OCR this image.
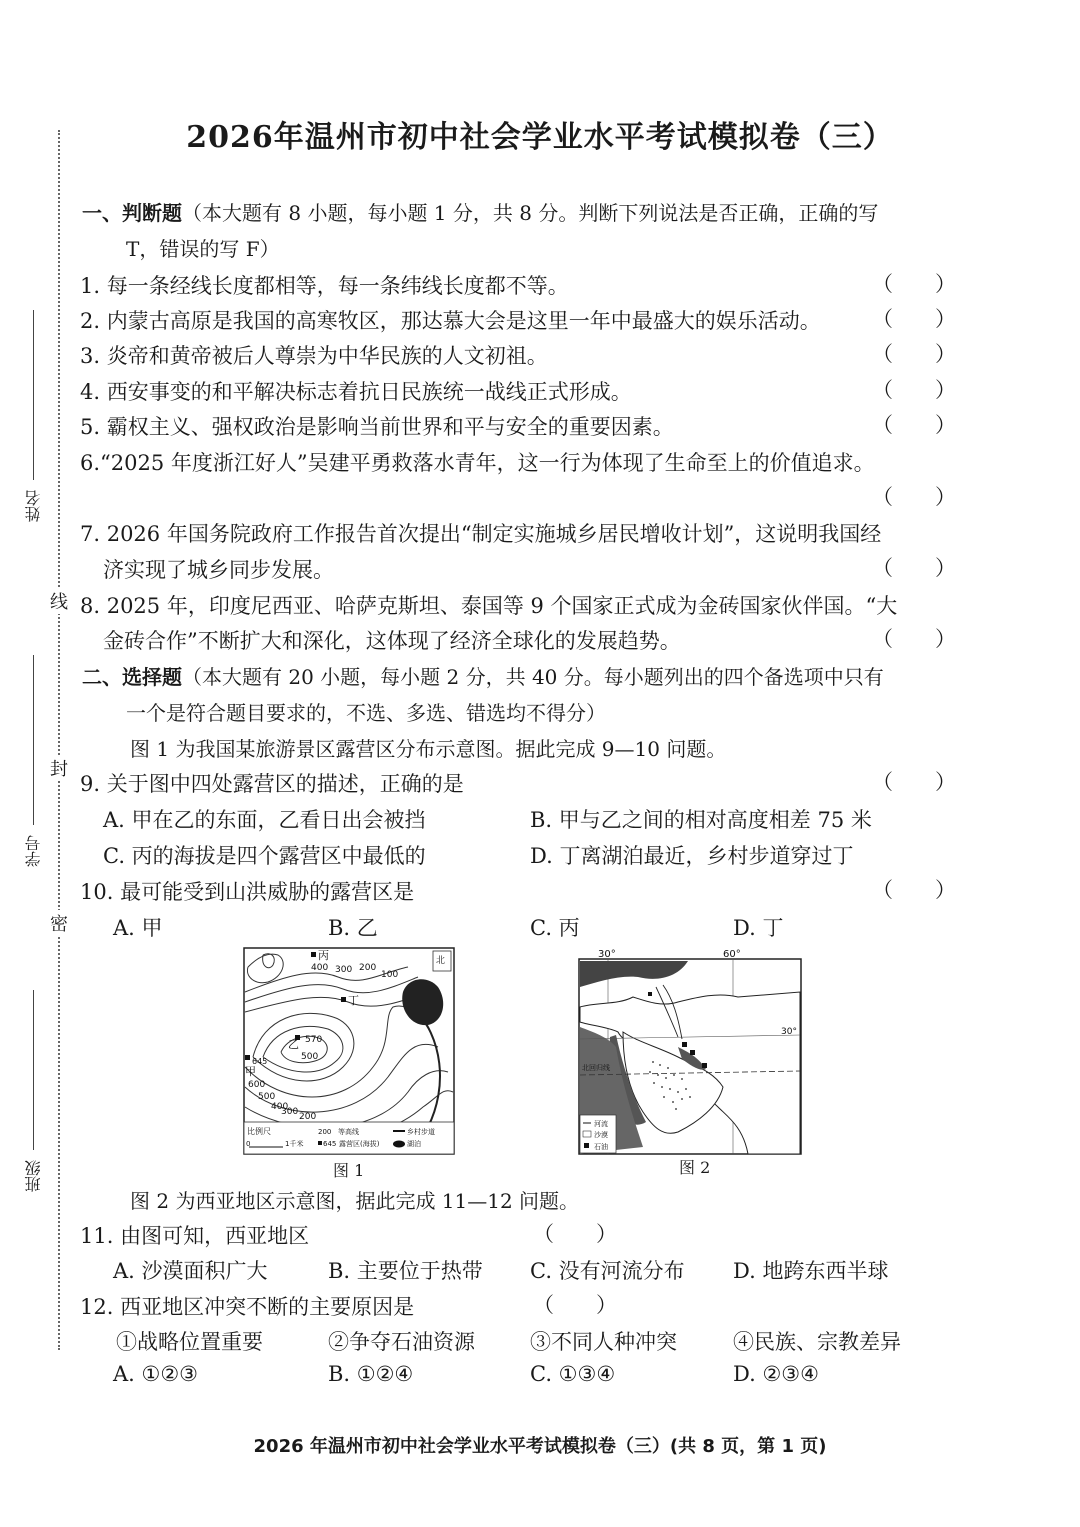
姓名
学号
班级
线
封
密
2026年温州市初中社会学业水平考试模拟卷（三）
一、判断题（本大题有 8 小题，每小题 1 分，共 8 分。判断下列说法是否正确，正确的写
T，错误的写 F）
1. 每一条经线长度都相等，每一条纬线长度都不等。	（　　）
2. 内蒙古高原是我国的高寒牧区，那达慕大会是这里一年中最盛大的娱乐活动。 （　　）
3. 炎帝和黄帝被后人尊崇为中华民族的人文初祖。	（　　）
4. 西安事变的和平解决标志着抗日民族统一战线正式形成。	（　　）
5. 霸权主义、强权政治是影响当前世界和平与安全的重要因素。	（　　）
6.“2025 年度浙江好人”吴建平勇救落水青年，这一行为体现了生命至上的价值追求。
（　　）
7. 2026 年国务院政府工作报告首次提出“制定实施城乡居民增收计划”，这说明我国经
济实现了城乡同步发展。	（　　）
8. 2025 年，印度尼西亚、哈萨克斯坦、泰国等 9 个国家正式成为金砖国家伙伴国。“大
金砖合作”不断扩大和深化，这体现了经济全球化的发展趋势。	（　　）
二、选择题（本大题有 20 小题，每小题 2 分，共 40 分。每小题列出的四个备选项中只有
一个是符合题目要求的，不选、多选、错选均不得分）
图 1 为我国某旅游景区露营区分布示意图。据此完成 9—10 问题。
9. 关于图中四处露营区的描述，正确的是	（　　）
A. 甲在乙的东面，乙看日出会被挡	B. 甲与乙之间的相对高度相差 75 米
C. 丙的海拔是四个露营区中最低的	D. 丁离湖泊最近，乡村步道穿过丁
10. 最可能受到山洪威胁的露营区是	（　　）
A. 甲	B. 乙	C. 丙	D. 丁
北
丙
丁
乙
甲
400 300 200
100
570
500
645
600
500
400
300 200
比例尺
0	1千米
200 等高线
645 露营区(海拔)
乡村步道
湖泊
图 1
30°	60°
北回归线
30°
河流
沙漠
石油
图 2
图 2 为西亚地区示意图，据此完成 11—12 问题。
11. 由图可知，西亚地区	（　　）
A. 沙漠面积广大	B. 主要位于热带 C. 没有河流分布 D. 地跨东西半球
12. 西亚地区冲突不断的主要原因是	（　　）
①战略位置重要	②争夺石油资源	③不同人种冲突	④民族、宗教差异
A. ①②③	B. ①②④	C. ①③④	D. ②③④
2026 年温州市初中社会学业水平考试模拟卷（三）(共 8 页，第 1 页)
